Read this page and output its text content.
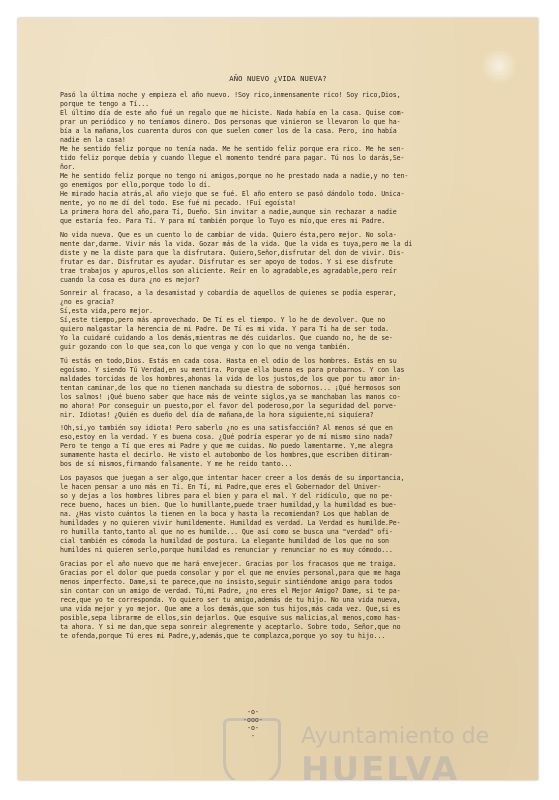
AÑO NUEVO ¿VIDA NUEVA?
Pasó la última noche y empieza el año nuevo. !Soy rico,inmensamente rico! Soy rico,Dios,
porque te tengo a Tí...
El último día de este año fué un regalo que me hiciste. Nada había en la casa. Quise com-
prar un periódico y no teníamos dinero. Dos personas que vinieron se llevaron lo que ha-
bía a la mañana,los cuarenta duros con que suelen comer los de la casa. Pero, ino había
nadie en la casa!
Me he sentido feliz porque no tenía nada. Me he sentido feliz porque era rico. Me he sen-
tido feliz porque debía y cuando llegue el momento tendré para pagar. Tú nos lo darás,Se-
ñor.
Me he sentido feliz porque no tengo ni amigos,porque no he prestado nada a nadie,y no ten-
go enemigos por ello,porque todo lo dí.
He mirado hacia atrás,al año viejo que se fué. El año entero se pasó dándolo todo. Unica-
mente, yo no me dí del todo. Ese fué mi pecado. !Fuí egoísta!
La primera hora del año,para Tí, Dueño. Sin invitar a nadie,aunque sin rechazar a nadie
que estaría feo. Para Tí. Y para mí también porque lo Tuyo es mío,que eres mi Padre.
No vida nueva. Que es un cuento lo de cambiar de vida. Quiero ésta,pero mejor. No sola-
mente dar,darme. Vivir más la vida. Gozar más de la vida. Que la vida es tuya,pero me la di
diste y me la diste para que la disfrutara. Quiero,Señor,disfrutar del don de vivir. Dis-
frutar es dar. Disfrutar es ayudar. Disfrutar es ser apoyo de todos. Y si ese disfrute
trae trabajos y apuros,ellos son aliciente. Reír en lo agradable,es agradable,pero reír
cuando la cosa es dura ¿no es mejor?
Sonreir al fracaso, a la desamistad y cobardía de aquellos de quienes se podía esperar,
¿no es gracia?
Sí,esta vida,pero mejor.
Sí,este tiempo,pero más aprovechado. De Tí es el tiempo. Y lo he de devolver. Que no
quiero malgastar la herencia de mi Padre. De Tí es mi vida. Y para Tí ha de ser toda.
Yo la cuidaré cuidando a los demás,mientras me dés cuidarlos. Que cuando no, he de se-
guir gozando con lo que sea,con lo que venga y con lo que no venga también.
Tú estás en todo,Dios. Estás en cada cosa. Hasta en el odio de los hombres. Estás en su
egoísmo. Y siendo Tú Verdad,en su mentira. Porque ella buena es para probarnos. Y con las
maldades torcidas de los hombres,ahonas la vida de los justos,de los que por tu amor in-
tentan caminar,de los que no tienen manchada su diestra de sobornos... ¡Qué hermosos son
los salmos! ¡Qué bueno saber que hace más de veinte siglos,ya se manchaban las manos co-
mo ahora! Por conseguir un puesto,por el favor del poderoso,por la seguridad del porve-
nir. Idiotas! ¿Quién es dueño del día de mañana,de la hora siguiente,ni siquiera?
!Oh,sí,yo también soy idiota! Pero saberlo ¿no es una satisfacción? Al menos sé que en
eso,estoy en la verdad. Y es buena cosa. ¿Qué podría esperar yo de mí mismo sino nada?
Pero te tengo a Tí que eres mi Padre y que me cuidas. No puedo lamentarme. Y,me alegra
sumamente hasta el decirlo. He visto el autobombo de los hombres,que escriben ditiram-
bos de sí mismos,firmando falsamente. Y me he reido tanto...
Los payasos que juegan a ser algo,que intentar hacer creer a los demás de su importancia,
le hacen pensar a uno más en Tí. En Tí, mi Padre,que eres el Gobernador del Univer-
so y dejas a los hombres libres para el bien y para el mal. Y del ridículo, que no pe-
rece bueno, haces un bien. Que lo humillante,puede traer humildad,y la humildad es bue-
na. ¿Has visto cuántos la tienen en la boca y hasta la recomiendan? Los que hablan de
humildades y no quieren vivir humildemente. Humildad es verdad. La Verdad es humilde.Pe-
ro humilla tanto,tanto al que no es humilde... Que así como se busca una "verdad" ofi-
cial también es cómoda la humildad de postura. La elegante humildad de los que no son
humildes ni quieren serlo,porque humildad es renunciar y renunciar no es muy cómodo...
Gracias por el año nuevo que me hará envejecer. Gracias por los fracasos que me traiga.
Gracias por el dolor que pueda consolar y por el que me envíes personal,para que me haga
menos imperfecto. Dame,si te parece,que no insisto,seguir sintiéndome amigo para todos
sin contar con un amigo de verdad. Tú,mi Padre, ¿no eres el Mejor Amigo? Dame, si te pa-
rece,que yo te corresponda. Yo quiero ser tu amigo,además de tu hijo. No una vida nueva,
una vida mejor y yo mejor. Que ame a los demás,que son tus hijos,más cada vez. Que,si es
posible,sepa librarme de ellos,sin dejarlos. Que esquive sus malicias,al menos,como has-
ta ahora. Y si me dan,que sepa sonreir alegremente y aceptarlo. Sobre todo, Señor,que no
te ofenda,porque Tú eres mi Padre,y,además,que te complazca,porque yo soy tu hijo...
-o-
-ooo-
-o-
-	Ayuntamiento de
HUELVA
